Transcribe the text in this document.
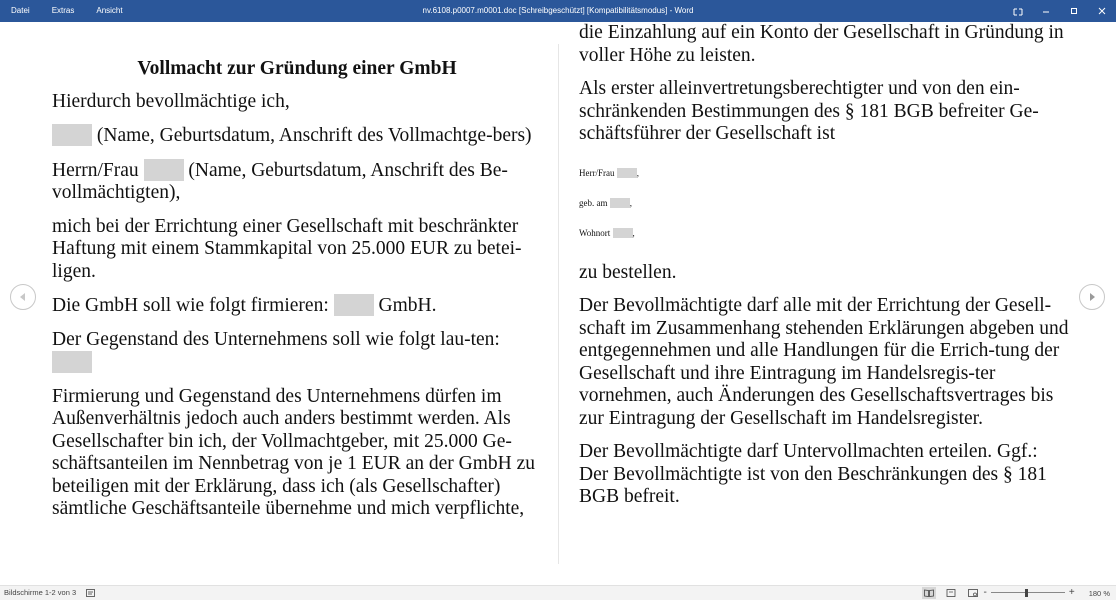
Datei	Extras	Ansicht	nv.6108.p0007.m0001.doc [Schreibgeschützt] [Kompatibilitätsmodus] - Word

Vollmacht zur Gründung einer GmbH

Hierdurch bevollmächtige ich,

(Name, Geburtsdatum, Anschrift des Vollmachtge-bers)

Herrn/Frau	(Name, Geburtsdatum, Anschrift des Be-vollmächtigten),

mich bei der Errichtung einer Gesellschaft mit beschränkter Haftung mit einem Stammkapital von 25.000 EUR zu betei-ligen.

Die GmbH soll wie folgt firmieren:	GmbH.

Der Gegenstand des Unternehmens soll wie folgt lau-ten:

Firmierung und Gegenstand des Unternehmens dürfen im Außenverhältnis jedoch auch anders bestimmt werden. Als Gesellschafter bin ich, der Vollmachtgeber, mit 25.000 Ge-schäftsanteilen im Nennbetrag von je 1 EUR an der GmbH zu beteiligen mit der Erklärung, dass ich (als Gesellschafter) sämtliche Geschäftsanteile übernehme und mich verpflichte,

die Einzahlung auf ein Konto der Gesellschaft in Gründung in voller Höhe zu leisten.

Als erster alleinvertretungsberechtigter und von den ein-schränkenden Bestimmungen des § 181 BGB befreiter Ge-schäftsführer der Gesellschaft ist

Herr/Frau ,

geb. am ,

Wohnort ,

zu bestellen.

Der Bevollmächtigte darf alle mit der Errichtung der Gesell-schaft im Zusammenhang stehenden Erklärungen abgeben und entgegennehmen und alle Handlungen für die Errich-tung der Gesellschaft und ihre Eintragung im Handelsregis-ter vornehmen, auch Änderungen des Gesellschaftsvertrages bis zur Eintragung der Gesellschaft im Handelsregister.

Der Bevollmächtigte darf Untervollmachten erteilen. Ggf.: Der Bevollmächtigte ist von den Beschränkungen des § 181 BGB befreit.

Bildschirme 1-2 von 3	-	+ 180 %
